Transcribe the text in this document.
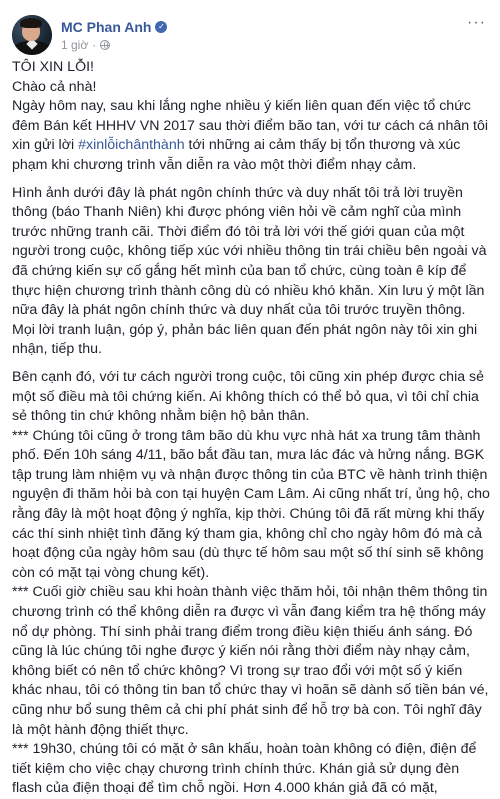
MC Phan Anh ✓
1 giờ ·
···

TÔI XIN LỖI!

Chào cả nhà!

Ngày hôm nay, sau khi lắng nghe nhiều ý kiến liên quan đến việc tổ chức đêm Bán kết HHHV VN 2017 sau thời điểm bão tan, với tư cách cá nhân tôi xin gửi lời #xinlỗichânthành tới những ai cảm thấy bị tổn thương và xúc phạm khi chương trình vẫn diễn ra vào một thời điểm nhạy cảm.

Hình ảnh dưới đây là phát ngôn chính thức và duy nhất tôi trả lời truyền thông (báo Thanh Niên) khi được phóng viên hỏi về cảm nghĩ của mình trước những tranh cãi. Thời điểm đó tôi trả lời với thế giới quan của một người trong cuộc, không tiếp xúc với nhiều thông tin trái chiều bên ngoài và đã chứng kiến sự cố gắng hết mình của ban tổ chức, cùng toàn ê kíp để thực hiện chương trình thành công dù có nhiều khó khăn. Xin lưu ý một lần nữa đây là phát ngôn chính thức và duy nhất của tôi trước truyền thông. Mọi lời tranh luận, góp ý, phản bác liên quan đến phát ngôn này tôi xin ghi nhận, tiếp thu.

Bên cạnh đó, với tư cách người trong cuộc, tôi cũng xin phép được chia sẻ một số điều mà tôi chứng kiến. Ai không thích có thể bỏ qua, vì tôi chỉ chia sẻ thông tin chứ không nhằm biện hộ bản thân.

*** Chúng tôi cũng ở trong tâm bão dù khu vực nhà hát xa trung tâm thành phố. Đến 10h sáng 4/11, bão bắt đầu tan, mưa lác đác và hửng nắng. BGK tập trung làm nhiệm vụ và nhận được thông tin của BTC về hành trình thiện nguyện đi thăm hỏi bà con tại huyện Cam Lâm. Ai cũng nhất trí, ủng hộ, cho rằng đây là một hoạt động ý nghĩa, kịp thời. Chúng tôi đã rất mừng khi thấy các thí sinh nhiệt tình đăng ký tham gia, không chỉ cho ngày hôm đó mà cả hoạt động của ngày hôm sau (dù thực tế hôm sau một số thí sinh sẽ không còn có mặt tại vòng chung kết).

*** Cuối giờ chiều sau khi hoàn thành việc thăm hỏi, tôi nhận thêm thông tin chương trình có thể không diễn ra được vì vẫn đang kiểm tra hệ thống máy nổ dự phòng. Thí sinh phải trang điểm trong điều kiện thiếu ánh sáng. Đó cũng là lúc chúng tôi nghe được ý kiến nói rằng thời điểm này nhạy cảm, không biết có nên tổ chức không? Vì trong sự trao đổi với một số ý kiến khác nhau, tôi có thông tin ban tổ chức thay vì hoãn sẽ dành số tiền bán vé, cũng như bổ sung thêm cả chi phí phát sinh để hỗ trợ bà con. Tôi nghĩ đây là một hành động thiết thực.

*** 19h30, chúng tôi có mặt ở sân khấu, hoàn toàn không có điện, điện để tiết kiệm cho việc chạy chương trình chính thức. Khán giả sử dụng đèn flash của điện thoại để tìm chỗ ngồi. Hơn 4.000 khán giả đã có mặt,
